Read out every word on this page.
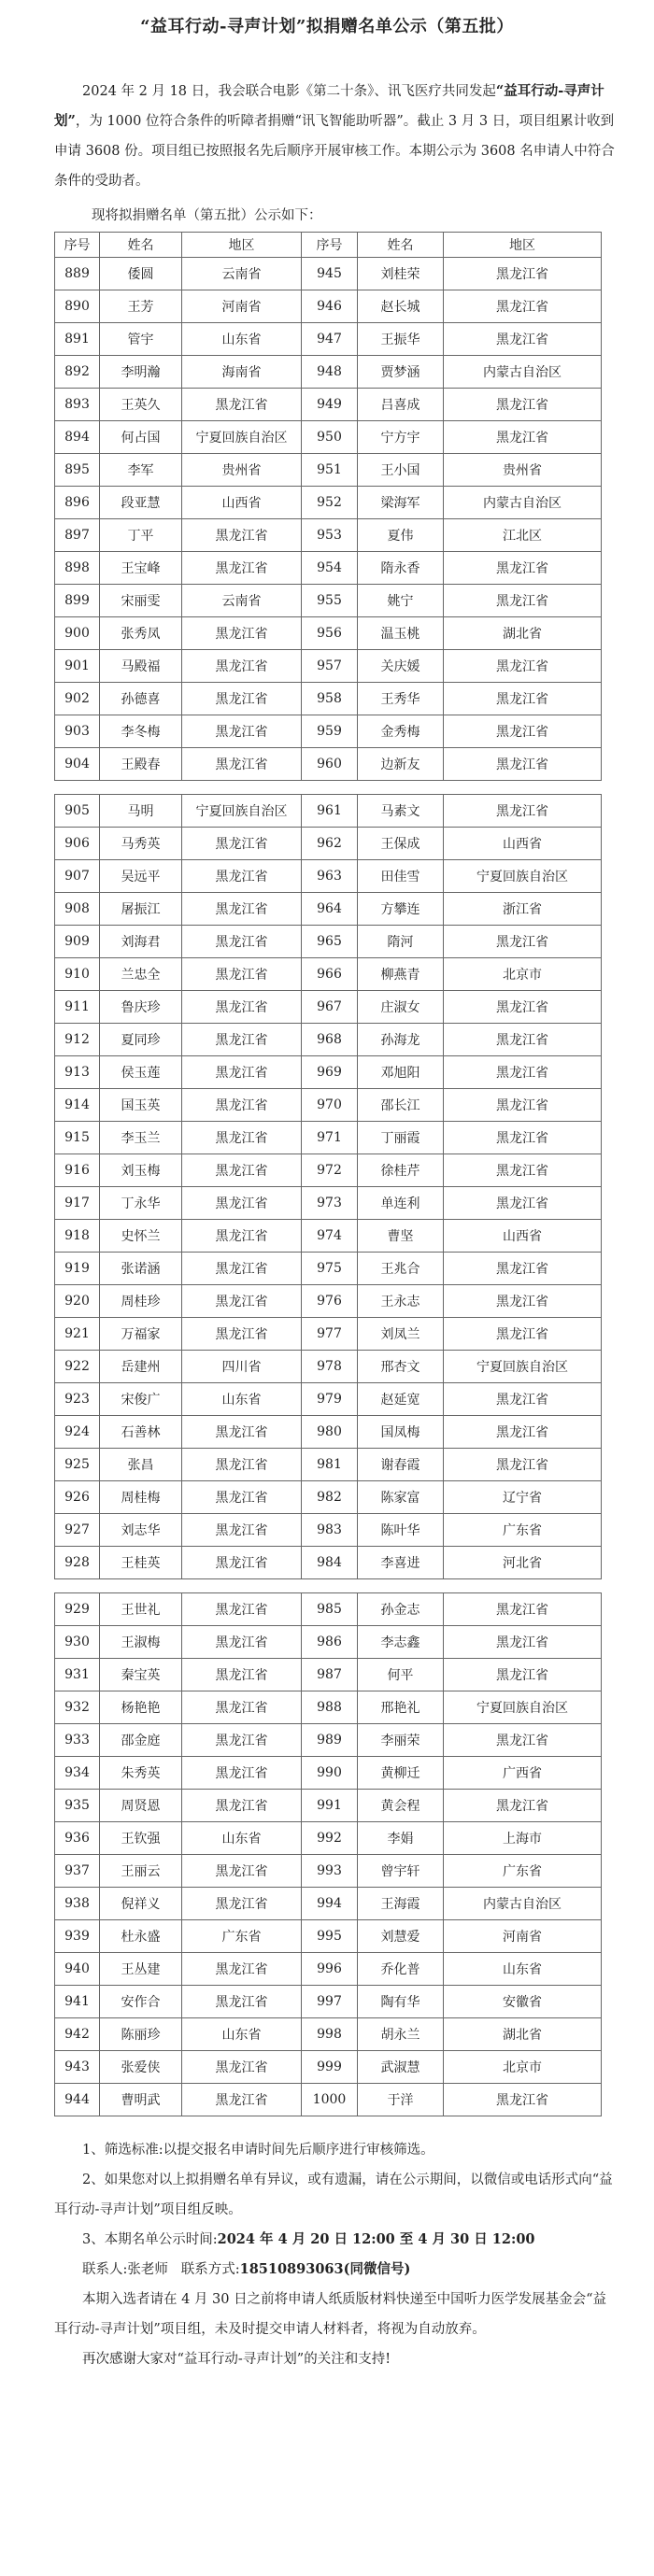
“益耳行动-寻声计划”拟捐赠名单公示（第五批）

2024 年 2 月 18 日，我会联合电影《第二十条》、讯飞医疗共同发起“益耳行动-寻声计划”，为 1000 位符合条件的听障者捐赠“讯飞智能助听器”。截止 3 月 3 日，项目组累计收到申请 3608 份。项目组已按照报名先后顺序开展审核工作。本期公示为 3608 名申请人中符合条件的受助者。

现将拟捐赠名单（第五批）公示如下：

序号	姓名	地区	序号	姓名	地区
889	倭圆	云南省	945	刘桂荣	黑龙江省
890	王芳	河南省	946	赵长城	黑龙江省
891	管宇	山东省	947	王振华	黑龙江省
892	李明瀚	海南省	948	贾梦涵	内蒙古自治区
893	王英久	黑龙江省	949	吕喜成	黑龙江省
894	何占国	宁夏回族自治区	950	宁方宇	黑龙江省
895	李军	贵州省	951	王小国	贵州省
896	段亚慧	山西省	952	梁海军	内蒙古自治区
897	丁平	黑龙江省	953	夏伟	江北区
898	王宝峰	黑龙江省	954	隋永香	黑龙江省
899	宋丽雯	云南省	955	姚宁	黑龙江省
900	张秀凤	黑龙江省	956	温玉桃	湖北省
901	马殿福	黑龙江省	957	关庆媛	黑龙江省
902	孙德喜	黑龙江省	958	王秀华	黑龙江省
903	李冬梅	黑龙江省	959	金秀梅	黑龙江省
904	王殿春	黑龙江省	960	边新友	黑龙江省
905	马明	宁夏回族自治区	961	马素文	黑龙江省
906	马秀英	黑龙江省	962	王保成	山西省
907	吴远平	黑龙江省	963	田佳雪	宁夏回族自治区
908	屠振江	黑龙江省	964	方攀连	浙江省
909	刘海君	黑龙江省	965	隋河	黑龙江省
910	兰忠全	黑龙江省	966	柳燕青	北京市
911	鲁庆珍	黑龙江省	967	庄淑女	黑龙江省
912	夏同珍	黑龙江省	968	孙海龙	黑龙江省
913	侯玉莲	黑龙江省	969	邓旭阳	黑龙江省
914	国玉英	黑龙江省	970	邵长江	黑龙江省
915	李玉兰	黑龙江省	971	丁丽霞	黑龙江省
916	刘玉梅	黑龙江省	972	徐桂芹	黑龙江省
917	丁永华	黑龙江省	973	单连利	黑龙江省
918	史怀兰	黑龙江省	974	曹坚	山西省
919	张诺涵	黑龙江省	975	王兆合	黑龙江省
920	周桂珍	黑龙江省	976	王永志	黑龙江省
921	万福家	黑龙江省	977	刘凤兰	黑龙江省
922	岳建州	四川省	978	邢杏文	宁夏回族自治区
923	宋俊广	山东省	979	赵延宽	黑龙江省
924	石善林	黑龙江省	980	国凤梅	黑龙江省
925	张昌	黑龙江省	981	谢春霞	黑龙江省
926	周桂梅	黑龙江省	982	陈家富	辽宁省
927	刘志华	黑龙江省	983	陈叶华	广东省
928	王桂英	黑龙江省	984	李喜进	河北省
929	王世礼	黑龙江省	985	孙金志	黑龙江省
930	王淑梅	黑龙江省	986	李志鑫	黑龙江省
931	秦宝英	黑龙江省	987	何平	黑龙江省
932	杨艳艳	黑龙江省	988	邢艳礼	宁夏回族自治区
933	邵金庭	黑龙江省	989	李丽荣	黑龙江省
934	朱秀英	黑龙江省	990	黄柳迁	广西省
935	周贤恩	黑龙江省	991	黄会程	黑龙江省
936	王钦强	山东省	992	李娟	上海市
937	王丽云	黑龙江省	993	曾宇轩	广东省
938	倪祥义	黑龙江省	994	王海霞	内蒙古自治区
939	杜永盛	广东省	995	刘慧爱	河南省
940	王丛建	黑龙江省	996	乔化普	山东省
941	安作合	黑龙江省	997	陶有华	安徽省
942	陈丽珍	山东省	998	胡永兰	湖北省
943	张爱侠	黑龙江省	999	武淑慧	北京市
944	曹明武	黑龙江省	1000	于洋	黑龙江省

1、筛选标准:以提交报名申请时间先后顺序进行审核筛选。

2、如果您对以上拟捐赠名单有异议，或有遗漏，请在公示期间，以微信或电话形式向“益耳行动-寻声计划”项目组反映。

3、本期名单公示时间:2024 年 4 月 20 日 12:00 至 4 月 30 日 12:00

联系人:张老师 联系方式:18510893063(同微信号)

本期入选者请在 4 月 30 日之前将申请人纸质版材料快递至中国听力医学发展基金会“益耳行动-寻声计划”项目组，未及时提交申请人材料者，将视为自动放弃。

再次感谢大家对“益耳行动-寻声计划”的关注和支持!
